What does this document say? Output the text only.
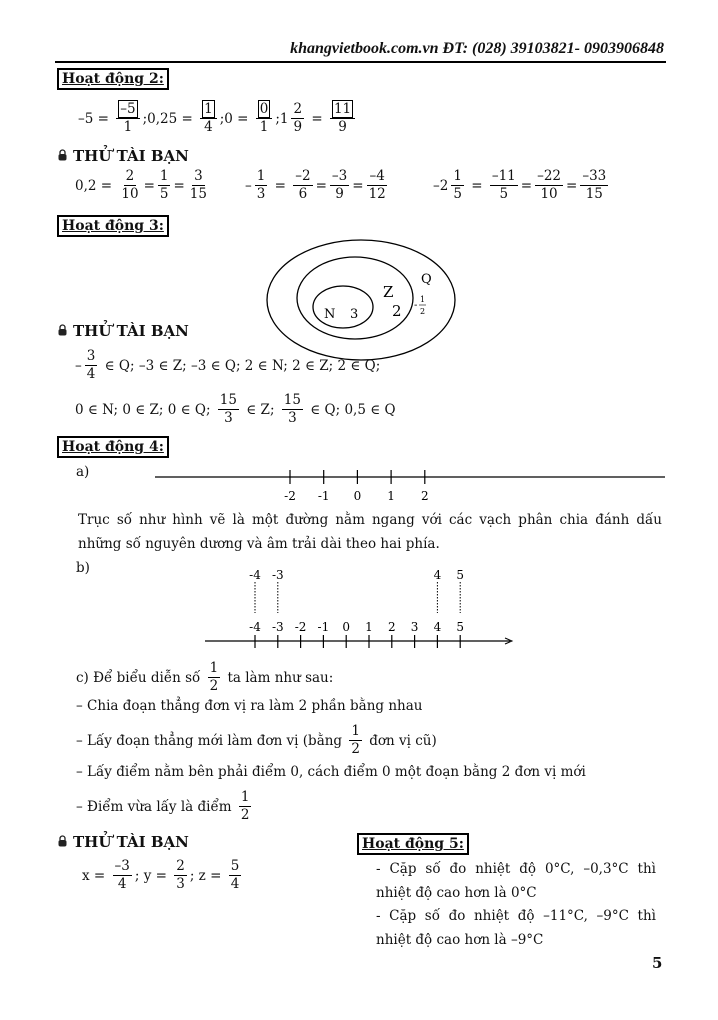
khangvietbook.com.vn ĐT: (028) 39103821- 0903906848
Hoạt động 2:
$-5 = \frac{-5}{1}$ ;0,25 = $\frac{1}{4}$ ;0 = $\frac{0}{1}$ ;1 $\frac{2}{9} = \frac{11}{9}$
THỬ TÀI BẠN
$0,2 = \frac{2}{10} = \frac{1}{5} = \frac{3}{15}$	– $\frac{1}{3} = \frac{-2}{6} = \frac{-3}{9} = \frac{-4}{12}$	$-2 \frac{1}{5} = \frac{-11}{5} = \frac{-22}{10} = \frac{-33}{15}$
Hoạt động 3:
N 3
Z
2
Q
-
1
2
-2 -1 0 1 2
-4 -3 -2 -1 0 1 2 3 4 5
-4 -3	4 5
THỬ TÀI BẠN
– $\frac{3}{4}$ ∈ Q; –3 ∈ Z; –3 ∈ Q; 2 ∈ N; 2 ∈ Z; 2 ∈ Q;
0 ∈ N; 0 ∈ Z; 0 ∈ Q; $\frac{15}{3}$ ∈ Z; $\frac{15}{3}$ ∈ Q; 0,5 ∈ Q
Hoạt động 4:
a)
Trục số như hình vẽ là một đường nằm ngang với các vạch phân chia đánh dấu những số nguyên dương và âm trải dài theo hai phía.
b)
c) Để biểu diễn số $\frac{1}{2}$ ta làm như sau:
– Chia đoạn thẳng đơn vị ra làm 2 phần bằng nhau
– Lấy đoạn thẳng mới làm đơn vị (bằng $\frac{1}{2}$ đơn vị cũ)
– Lấy điểm nằm bên phải điểm 0, cách điểm 0 một đoạn bằng 2 đơn vị mới
– Điểm vừa lấy là điểm $\frac{1}{2}$
THỬ TÀI BẠN
$x = \frac{-3}{4}$ ; $y = \frac{2}{3}$ ; $z = \frac{5}{4}$
Hoạt động 5:
- Cặp số đo nhiệt độ 0°C, –0,3°C thì nhiệt độ cao hơn là 0°C
- Cặp số đo nhiệt độ –11°C, –9°C thì nhiệt độ cao hơn là –9°C
5
